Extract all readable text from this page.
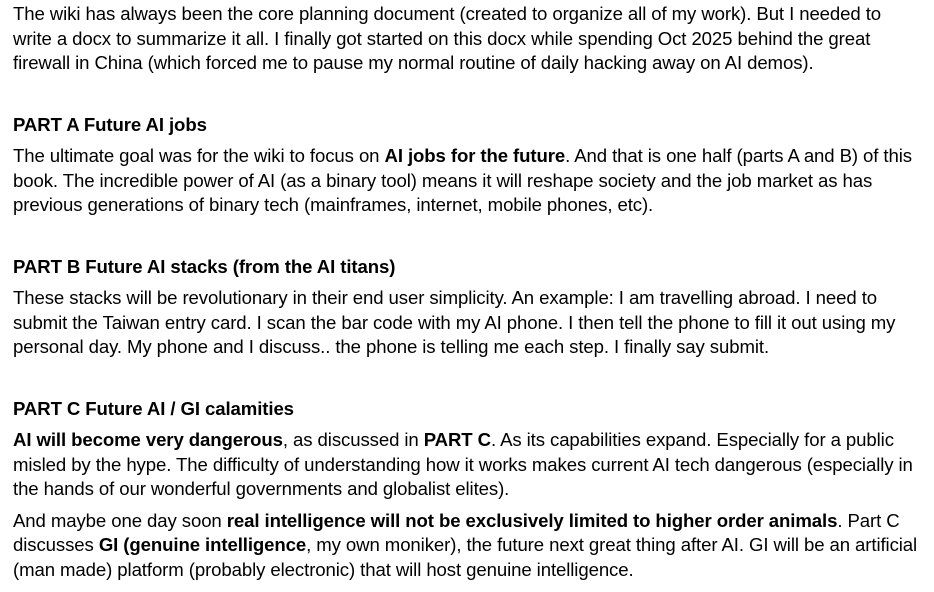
The wiki has always been the core planning document (created to organize all of my work). But I needed to write a docx to summarize it all. I finally got started on this docx while spending Oct 2025 behind the great firewall in China (which forced me to pause my normal routine of daily hacking away on AI demos).

PART A Future AI jobs

The ultimate goal was for the wiki to focus on AI jobs for the future. And that is one half (parts A and B) of this book. The incredible power of AI (as a binary tool) means it will reshape society and the job market as has previous generations of binary tech (mainframes, internet, mobile phones, etc).

PART B Future AI stacks (from the AI titans)

These stacks will be revolutionary in their end user simplicity. An example: I am travelling abroad. I need to submit the Taiwan entry card. I scan the bar code with my AI phone. I then tell the phone to fill it out using my personal day. My phone and I discuss.. the phone is telling me each step. I finally say submit.

PART C Future AI / GI calamities

AI will become very dangerous, as discussed in PART C. As its capabilities expand. Especially for a public misled by the hype. The difficulty of understanding how it works makes current AI tech dangerous (especially in the hands of our wonderful governments and globalist elites).

And maybe one day soon real intelligence will not be exclusively limited to higher order animals. Part C discusses GI (genuine intelligence, my own moniker), the future next great thing after AI. GI will be an artificial (man made) platform (probably electronic) that will host genuine intelligence.
